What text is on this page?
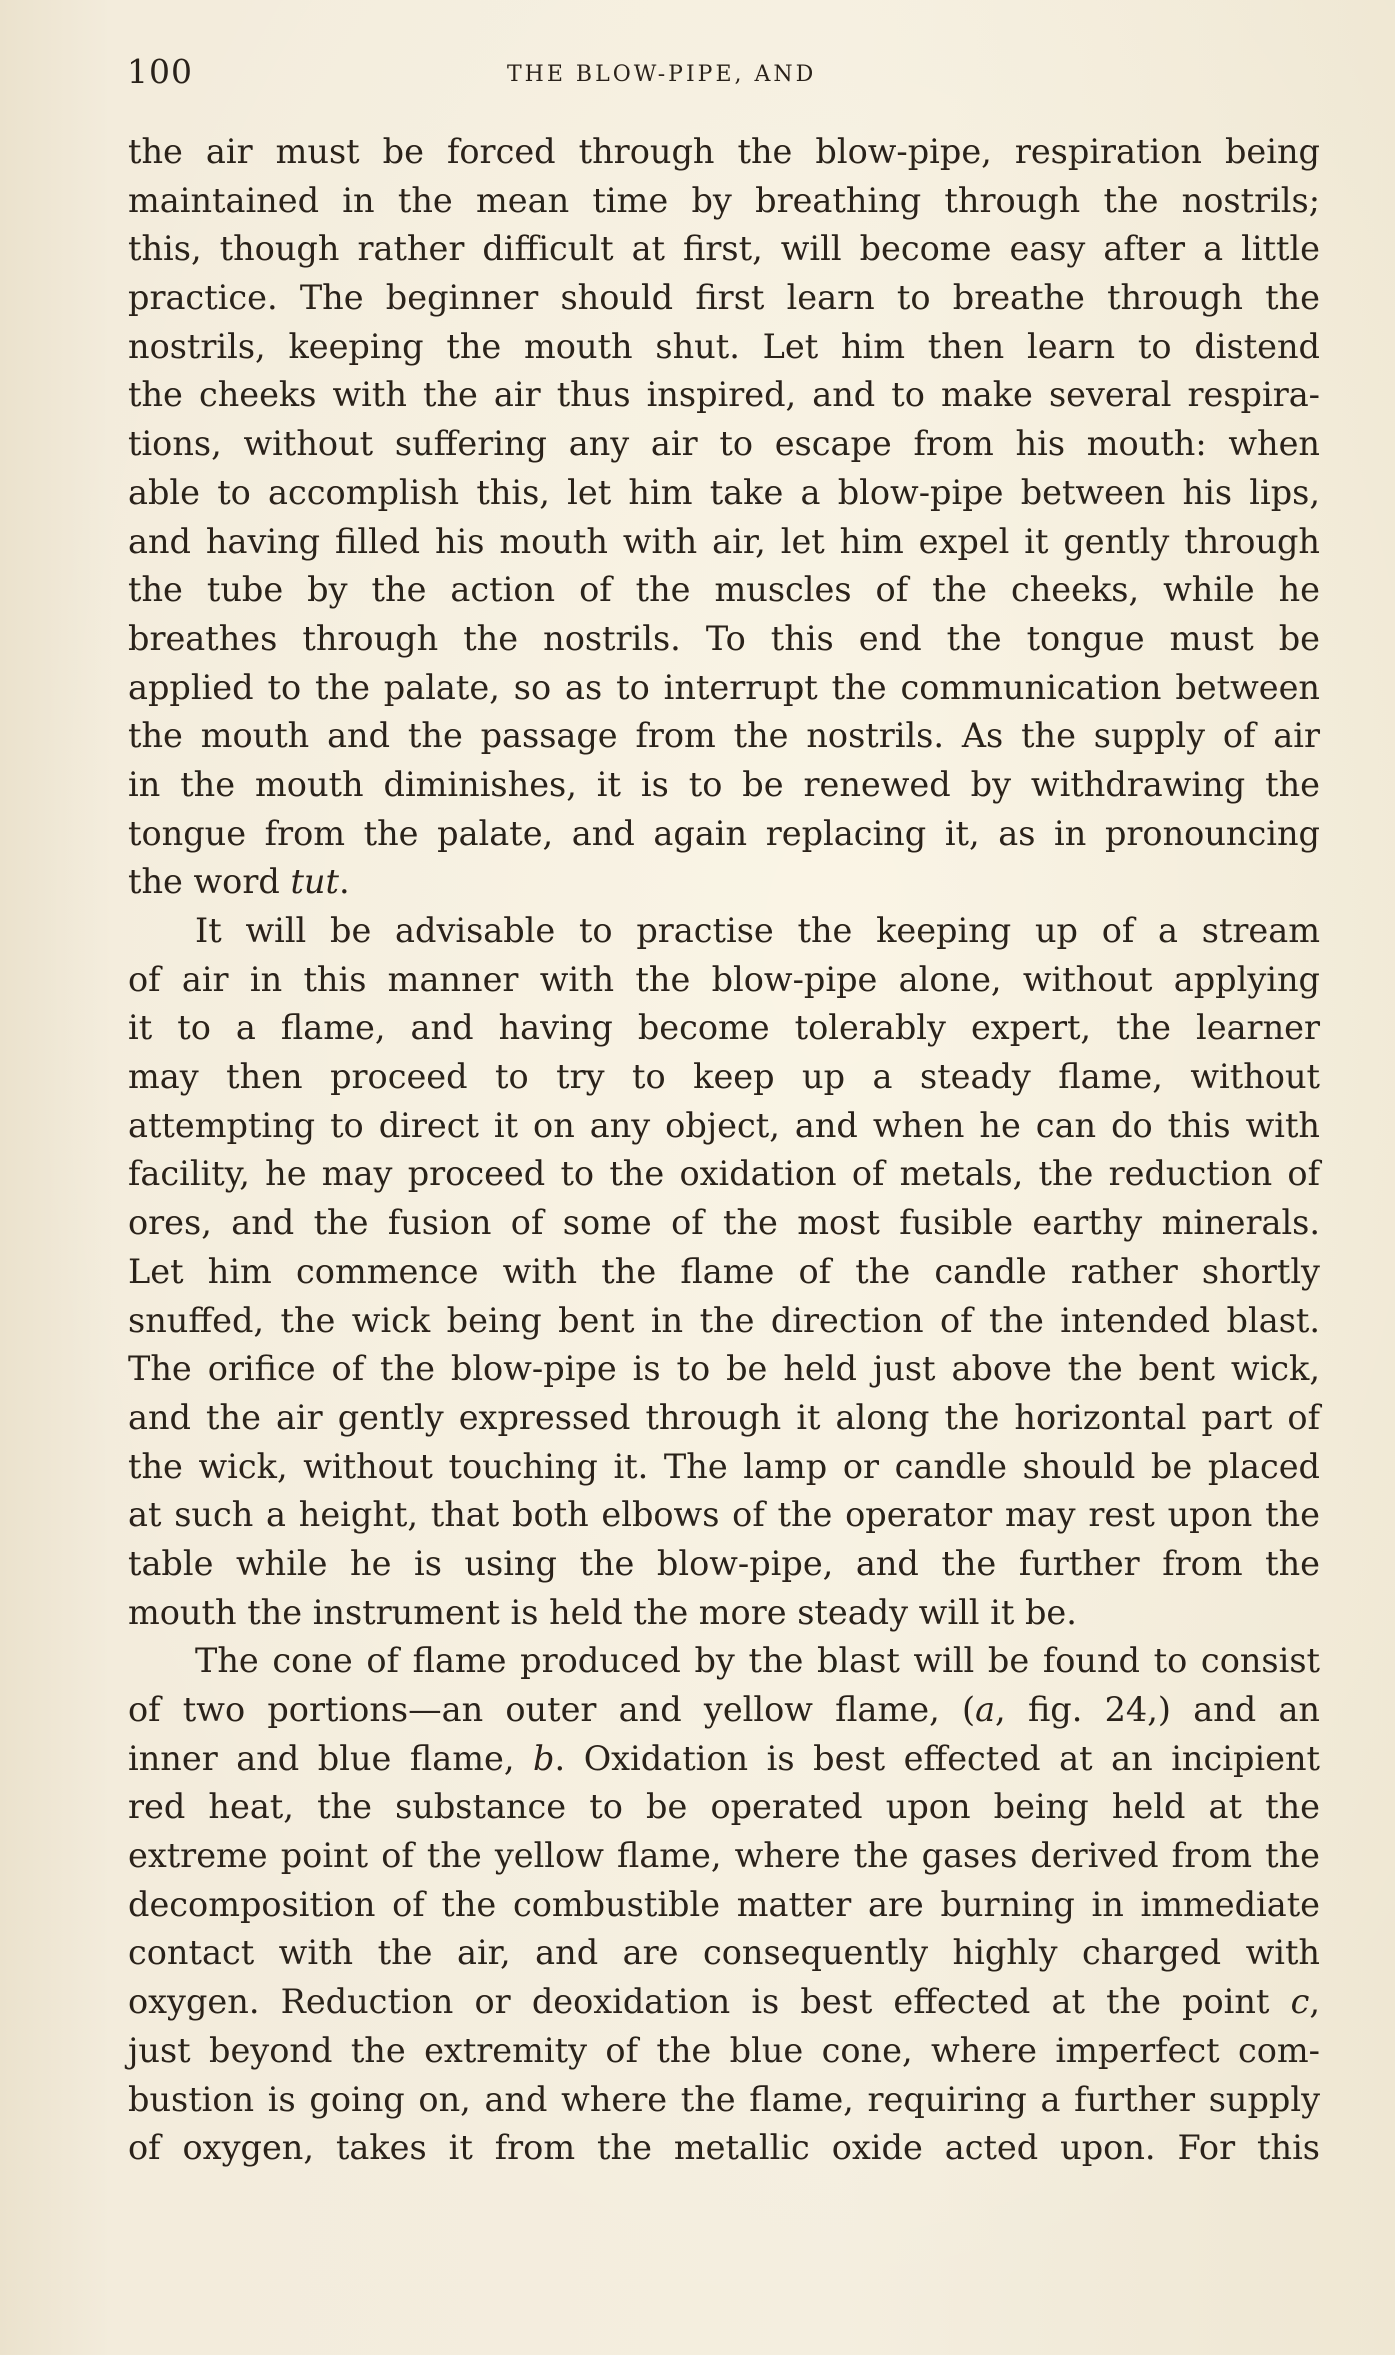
100	THE BLOW-PIPE, AND
the air must be forced through the blow-pipe, respiration being
maintained in the mean time by breathing through the nostrils;
this, though rather difficult at first, will become easy after a little
practice. The beginner should first learn to breathe through the
nostrils, keeping the mouth shut. Let him then learn to distend
the cheeks with the air thus inspired, and to make several respira-
tions, without suffering any air to escape from his mouth: when
able to accomplish this, let him take a blow-pipe between his lips,
and having filled his mouth with air, let him expel it gently through
the tube by the action of the muscles of the cheeks, while he
breathes through the nostrils. To this end the tongue must be
applied to the palate, so as to interrupt the communication between
the mouth and the passage from the nostrils. As the supply of air
in the mouth diminishes, it is to be renewed by withdrawing the
tongue from the palate, and again replacing it, as in pronouncing
the word tut.
It will be advisable to practise the keeping up of a stream
of air in this manner with the blow-pipe alone, without applying
it to a flame, and having become tolerably expert, the learner
may then proceed to try to keep up a steady flame, without
attempting to direct it on any object, and when he can do this with
facility, he may proceed to the oxidation of metals, the reduction of
ores, and the fusion of some of the most fusible earthy minerals.
Let him commence with the flame of the candle rather shortly
snuffed, the wick being bent in the direction of the intended blast.
The orifice of the blow-pipe is to be held just above the bent wick,
and the air gently expressed through it along the horizontal part of
the wick, without touching it. The lamp or candle should be placed
at such a height, that both elbows of the operator may rest upon the
table while he is using the blow-pipe, and the further from the
mouth the instrument is held the more steady will it be.
The cone of flame produced by the blast will be found to consist
of two portions—an outer and yellow flame, (a, fig. 24,) and an
inner and blue flame, b. Oxidation is best effected at an incipient
red heat, the substance to be operated upon being held at the
extreme point of the yellow flame, where the gases derived from the
decomposition of the combustible matter are burning in immediate
contact with the air, and are consequently highly charged with
oxygen. Reduction or deoxidation is best effected at the point c,
just beyond the extremity of the blue cone, where imperfect com-
bustion is going on, and where the flame, requiring a further supply
of oxygen, takes it from the metallic oxide acted upon. For this
